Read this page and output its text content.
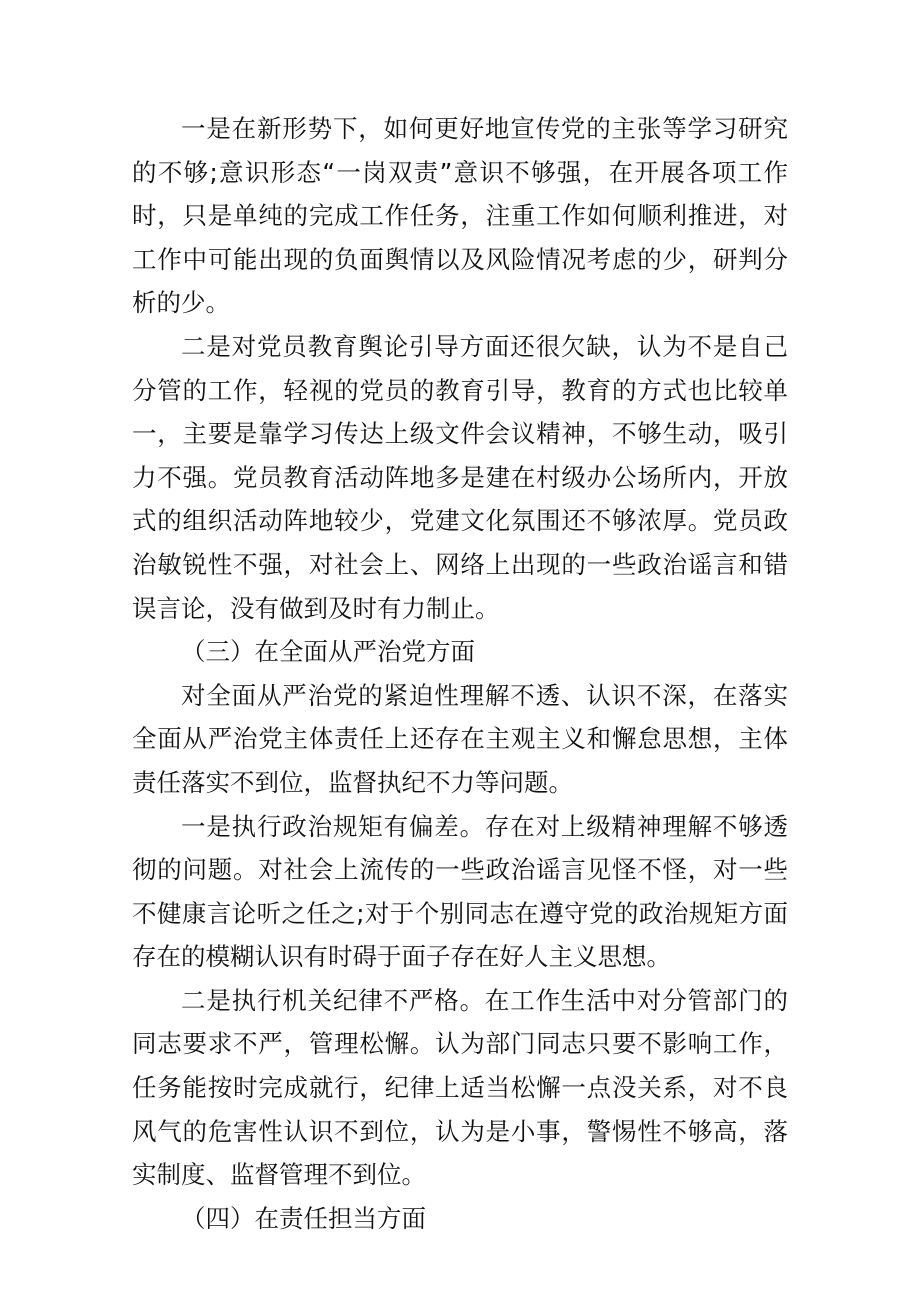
一是在新形势下，如何更好地宣传党的主张等学习研究的不够;意识形态“一岗双责”意识不够强，在开展各项工作时，只是单纯的完成工作任务，注重工作如何顺利推进，对工作中可能出现的负面舆情以及风险情况考虑的少，研判分析的少。

二是对党员教育舆论引导方面还很欠缺，认为不是自己分管的工作，轻视的党员的教育引导，教育的方式也比较单一，主要是靠学习传达上级文件会议精神，不够生动，吸引力不强。党员教育活动阵地多是建在村级办公场所内，开放式的组织活动阵地较少，党建文化氛围还不够浓厚。党员政治敏锐性不强，对社会上、网络上出现的一些政治谣言和错误言论，没有做到及时有力制止。

（三）在全面从严治党方面

对全面从严治党的紧迫性理解不透、认识不深，在落实全面从严治党主体责任上还存在主观主义和懈怠思想，主体责任落实不到位，监督执纪不力等问题。

一是执行政治规矩有偏差。存在对上级精神理解不够透彻的问题。对社会上流传的一些政治谣言见怪不怪，对一些不健康言论听之任之;对于个别同志在遵守党的政治规矩方面存在的模糊认识有时碍于面子存在好人主义思想。

二是执行机关纪律不严格。在工作生活中对分管部门的同志要求不严，管理松懈。认为部门同志只要不影响工作，任务能按时完成就行，纪律上适当松懈一点没关系，对不良风气的危害性认识不到位，认为是小事，警惕性不够高，落实制度、监督管理不到位。

（四）在责任担当方面
